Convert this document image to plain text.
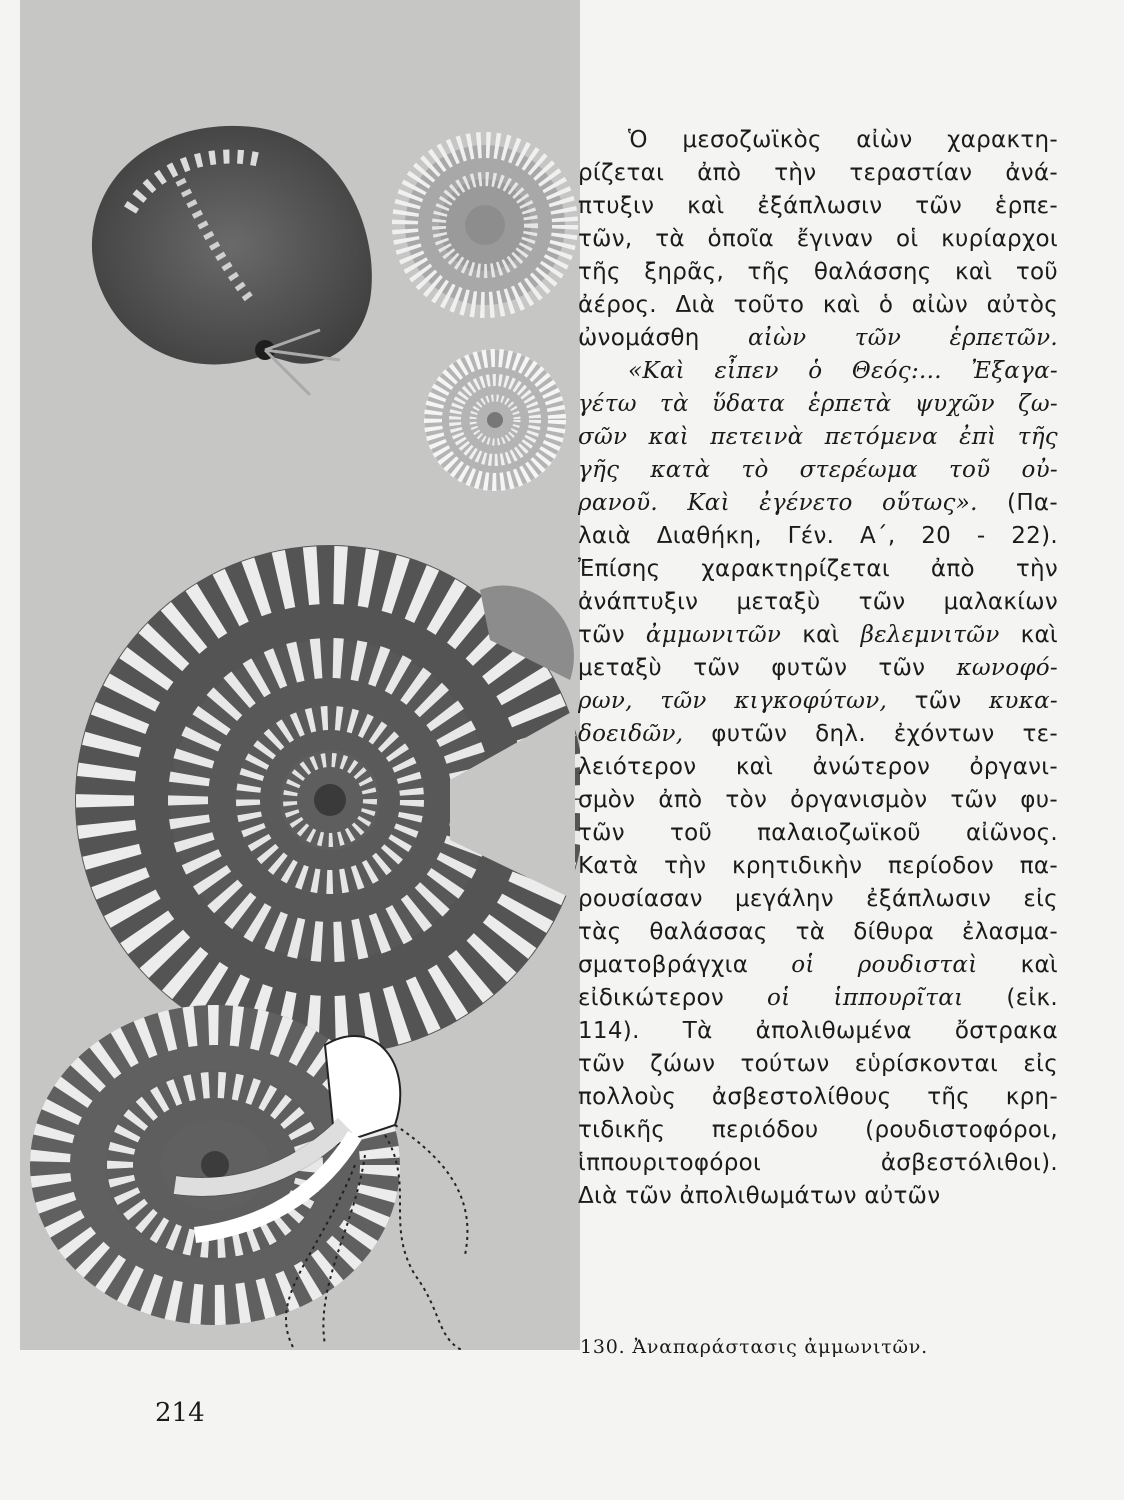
Ὁ μεσοζωϊκὸς αἰὼν χαρακτη-
ρίζεται ἀπὸ τὴν τεραστίαν ἀνά-
πτυξιν καὶ ἐξάπλωσιν τῶν ἑρπε-
τῶν, τὰ ὁποῖα ἔγιναν οἱ κυρίαρχοι
τῆς ξηρᾶς, τῆς θαλάσσης καὶ τοῦ
ἀέρος. Διὰ τοῦτο καὶ ὁ αἰὼν αὐτὸς
ὠνομάσθη αἰὼν τῶν ἑρπετῶν.
«Καὶ εἶπεν ὁ Θεός:... Ἐξαγα-
γέτω τὰ ὕδατα ἑρπετὰ ψυχῶν ζω-
σῶν καὶ πετεινὰ πετόμενα ἐπὶ τῆς
γῆς κατὰ τὸ στερέωμα τοῦ οὐ-
ρανοῦ. Καὶ ἐγένετο οὕτως». (Πα-
λαιὰ Διαθήκη, Γέν. Α΄, 20 - 22).
Ἐπίσης χαρακτηρίζεται ἀπὸ τὴν
ἀνάπτυξιν μεταξὺ τῶν μαλακίων
τῶν ἀμμωνιτῶν καὶ βελεμνιτῶν καὶ
μεταξὺ τῶν φυτῶν τῶν κωνοφό-
ρων, τῶν κιγκοφύτων, τῶν κυκα-
δοειδῶν, φυτῶν δηλ. ἐχόντων τε-
λειότερον καὶ ἀνώτερον ὀργανι-
σμὸν ἀπὸ τὸν ὀργανισμὸν τῶν φυ-
τῶν τοῦ παλαιοζωϊκοῦ αἰῶνος.
Κατὰ τὴν κρητιδικὴν περίοδον πα-
ρουσίασαν μεγάλην ἐξάπλωσιν εἰς
τὰς θαλάσσας τὰ δίθυρα ἐλασμα-
σματοβράγχια οἱ ρουδισταὶ καὶ
εἰδικώτερον οἱ ἱππουρῖται (εἰκ.
114). Τὰ ἀπολιθωμένα ὄστρακα
τῶν ζώων τούτων εὑρίσκονται εἰς
πολλοὺς ἀσβεστολίθους τῆς κρη-
τιδικῆς περιόδου (ρουδιστοφόροι,
ἱππουριτοφόροι ἀσβεστόλιθοι).
Διὰ τῶν ἀπολιθωμάτων αὐτῶν
130. Ἀναπαράστασις ἀμμωνιτῶν.
214
